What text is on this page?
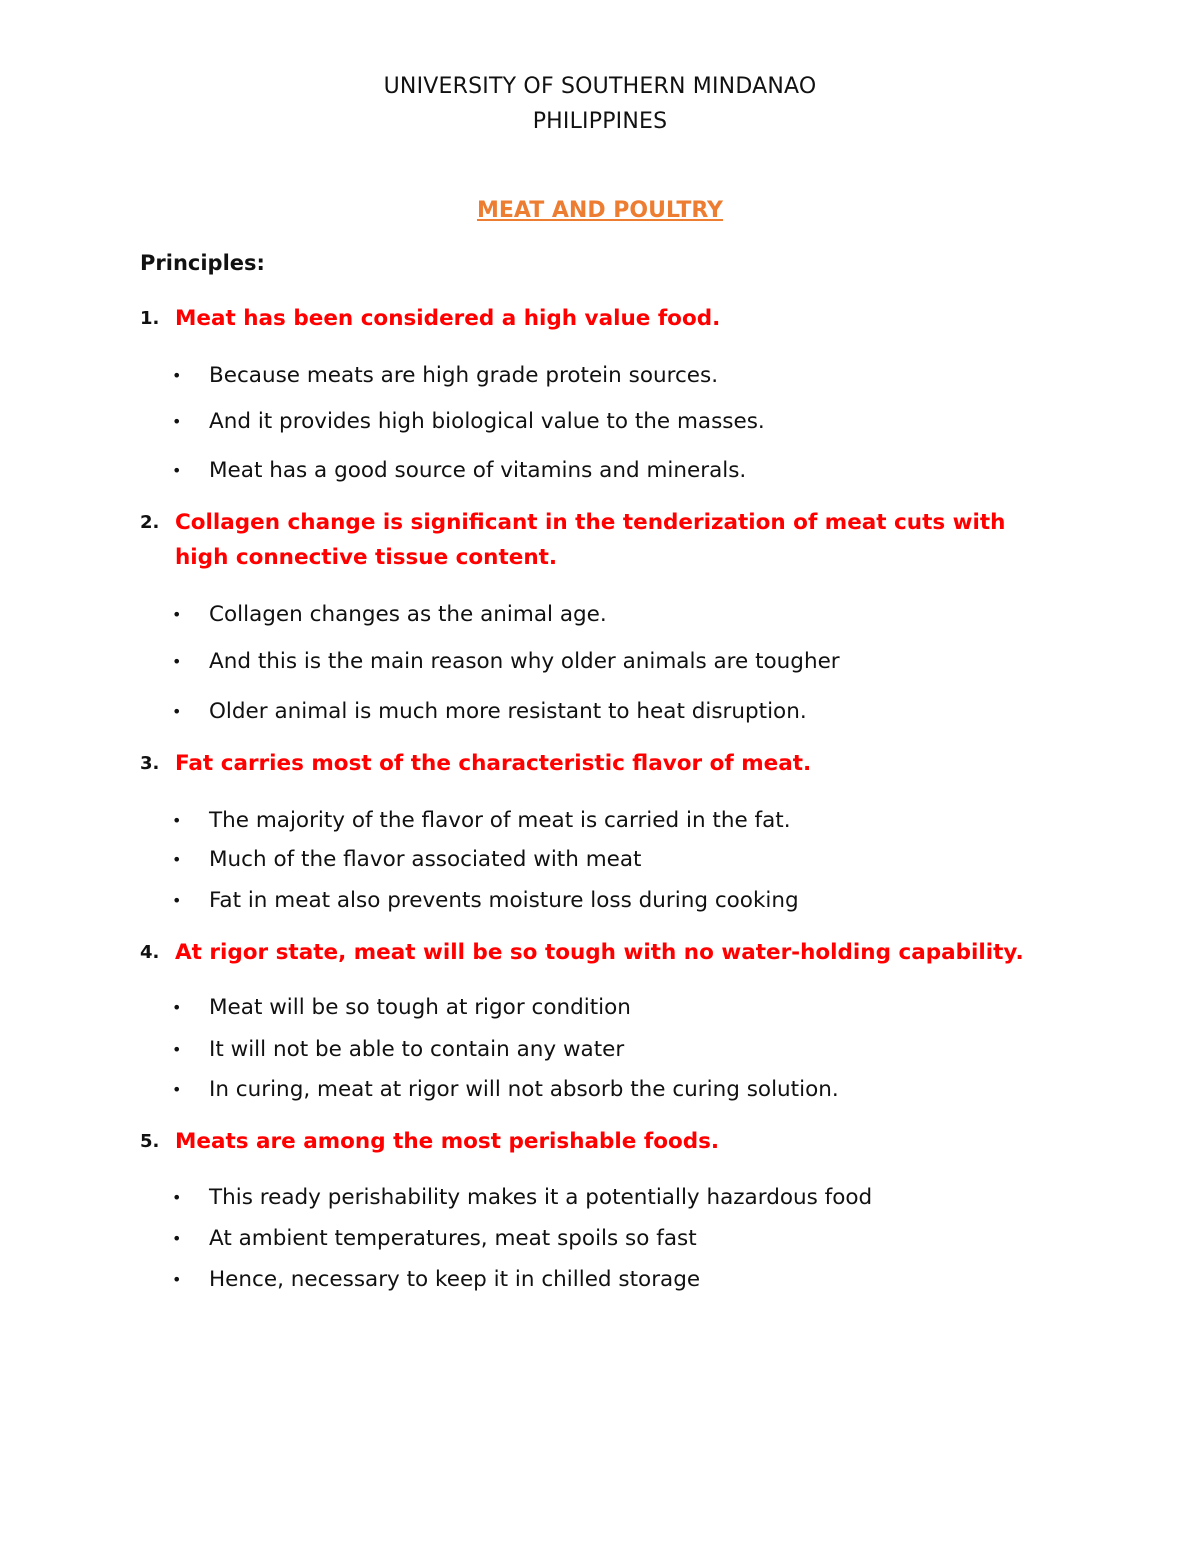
UNIVERSITY OF SOUTHERN MINDANAO
PHILIPPINES
MEAT AND POULTRY
Principles:
1. Meat has been considered a high value food.
• Because meats are high grade protein sources.
• And it provides high biological value to the masses.
• Meat has a good source of vitamins and minerals.
2. Collagen change is significant in the tenderization of meat cuts with high connective tissue content.
• Collagen changes as the animal age.
• And this is the main reason why older animals are tougher
• Older animal is much more resistant to heat disruption.
3. Fat carries most of the characteristic flavor of meat.
• The majority of the flavor of meat is carried in the fat.
• Much of the flavor associated with meat
• Fat in meat also prevents moisture loss during cooking
4. At rigor state, meat will be so tough with no water-holding capability.
• Meat will be so tough at rigor condition
• It will not be able to contain any water
• In curing, meat at rigor will not absorb the curing solution.
5. Meats are among the most perishable foods.
• This ready perishability makes it a potentially hazardous food
• At ambient temperatures, meat spoils so fast
• Hence, necessary to keep it in chilled storage
